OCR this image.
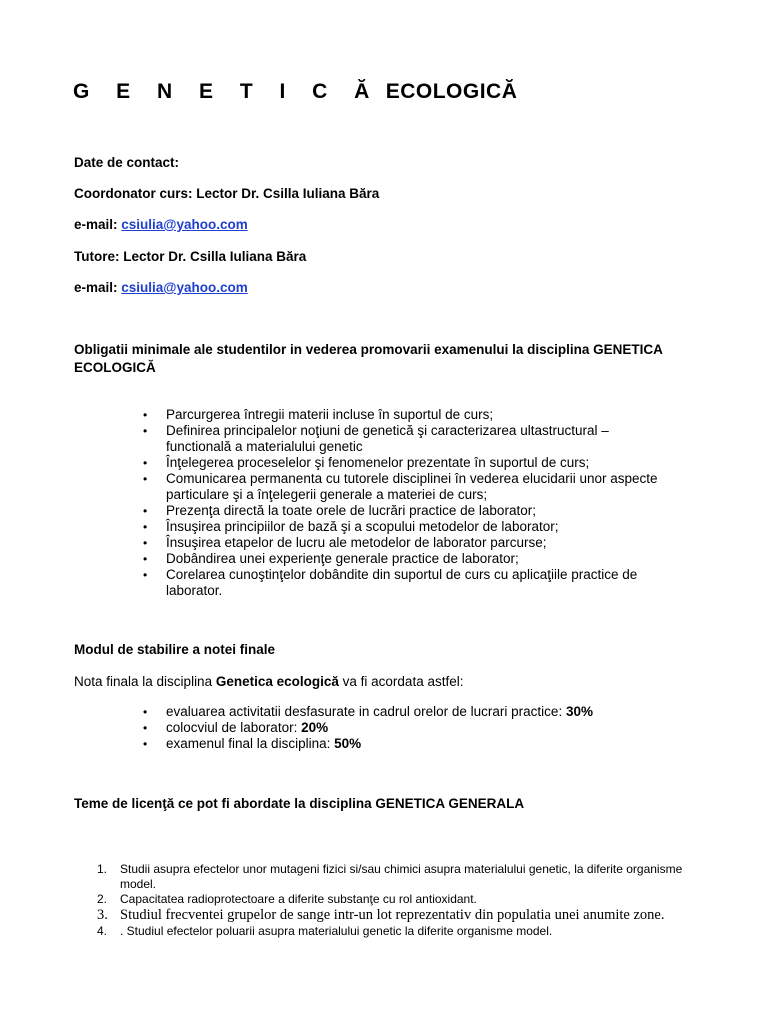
G E N E T I C Ă ECOLOGICĂ

Date de contact:

Coordonator curs: Lector Dr. Csilla Iuliana Băra

e-mail: csiulia@yahoo.com

Tutore: Lector Dr. Csilla Iuliana Băra

e-mail: csiulia@yahoo.com

Obligatii minimale ale studentilor in vederea promovarii examenului la disciplina GENETICA ECOLOGICĂ

• Parcurgerea întregii materii incluse în suportul de curs;
• Definirea principalelor noţiuni de genetică şi caracterizarea ultastructural – functională a materialului genetic
• Înţelegerea proceselelor şi fenomenelor prezentate în suportul de curs;
• Comunicarea permanenta cu tutorele disciplinei în vederea elucidarii unor aspecte particulare şi a înţelegerii generale a materiei de curs;
• Prezenţa directă la toate orele de lucrări practice de laborator;
• Însuşirea principiilor de bază şi a scopului metodelor de laborator;
• Însuşirea etapelor de lucru ale metodelor de laborator parcurse;
• Dobândirea unei experienţe generale practice de laborator;
• Corelarea cunoştinţelor dobândite din suportul de curs cu aplicaţiile practice de laborator.

Modul de stabilire a notei finale

Nota finala la disciplina Genetica ecologică va fi acordata astfel:

• evaluarea activitatii desfasurate in cadrul orelor de lucrari practice: 30%
• colocviul de laborator: 20%
• examenul final la disciplina: 50%

Teme de licenţă ce pot fi abordate la disciplina GENETICA GENERALA

1. Studii asupra efectelor unor mutageni fizici si/sau chimici asupra materialului genetic, la diferite organisme model.
2. Capacitatea radioprotectoare a diferite substanţe cu rol antioxidant.
3. Studiul frecventei grupelor de sange intr-un lot reprezentativ din populatia unei anumite zone.
4. . Studiul efectelor poluarii asupra materialului genetic la diferite organisme model.
